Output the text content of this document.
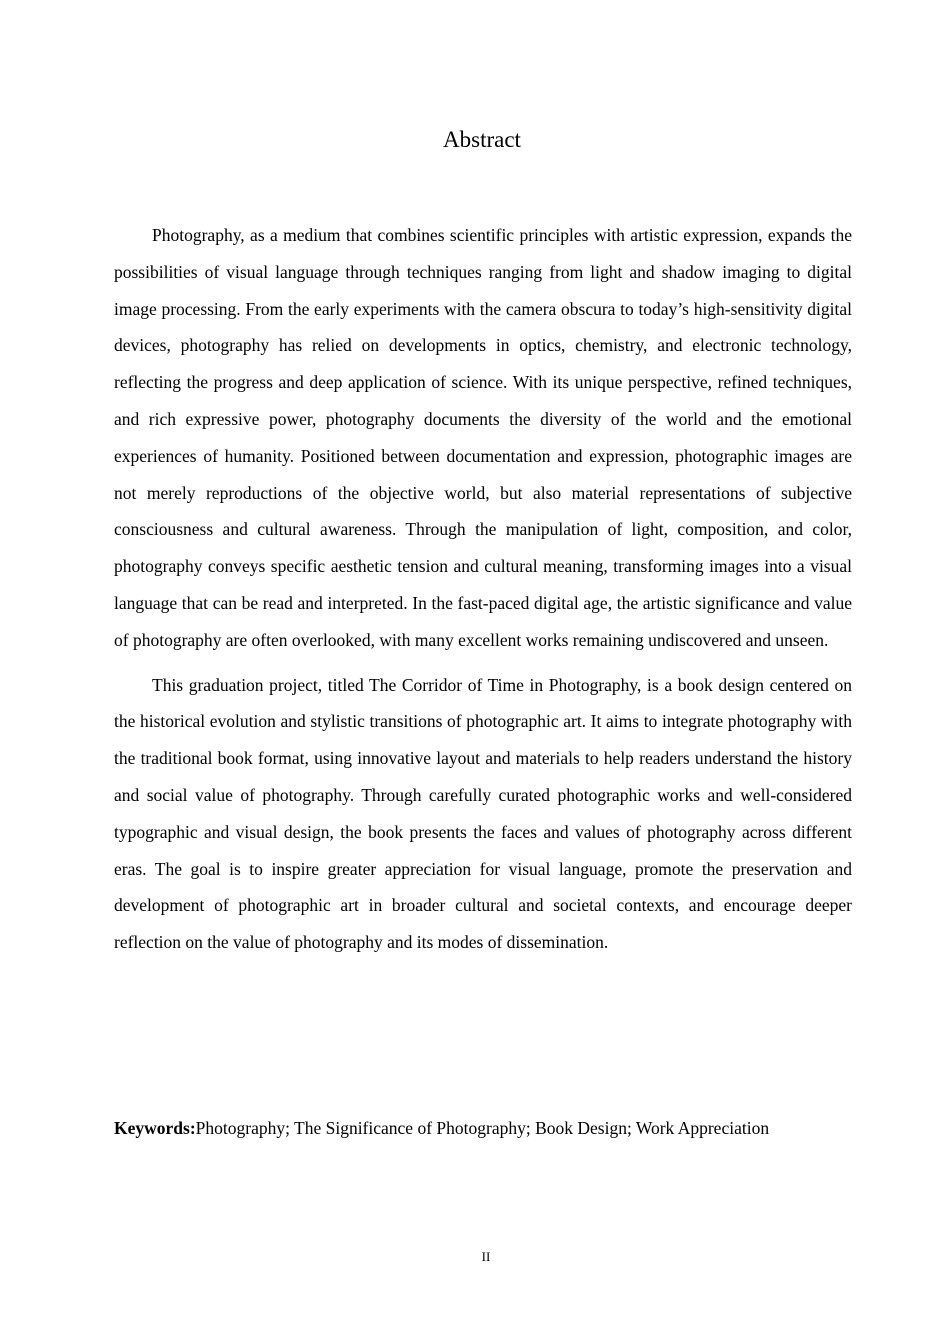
Abstract

Photography, as a medium that combines scientific principles with artistic expression, expands the possibilities of visual language through techniques ranging from light and shadow imaging to digital image processing. From the early experiments with the camera obscura to today’s high-sensitivity digital devices, photography has relied on developments in optics, chemistry, and electronic technology, reflecting the progress and deep application of science. With its unique perspective, refined techniques, and rich expressive power, photography documents the diversity of the world and the emotional experiences of humanity. Positioned between documentation and expression, photographic images are not merely reproductions of the objective world, but also material representations of subjective consciousness and cultural awareness. Through the manipulation of light, composition, and color, photography conveys specific aesthetic tension and cultural meaning, transforming images into a visual language that can be read and interpreted. In the fast-paced digital age, the artistic significance and value of photography are often overlooked, with many excellent works remaining undiscovered and unseen.

This graduation project, titled The Corridor of Time in Photography, is a book design centered on the historical evolution and stylistic transitions of photographic art. It aims to integrate photography with the traditional book format, using innovative layout and materials to help readers understand the history and social value of photography. Through carefully curated photographic works and well-considered typographic and visual design, the book presents the faces and values of photography across different eras. The goal is to inspire greater appreciation for visual language, promote the preservation and development of photographic art in broader cultural and societal contexts, and encourage deeper reflection on the value of photography and its modes of dissemination.

Keywords:Photography; The Significance of Photography; Book Design; Work Appreciation
II
